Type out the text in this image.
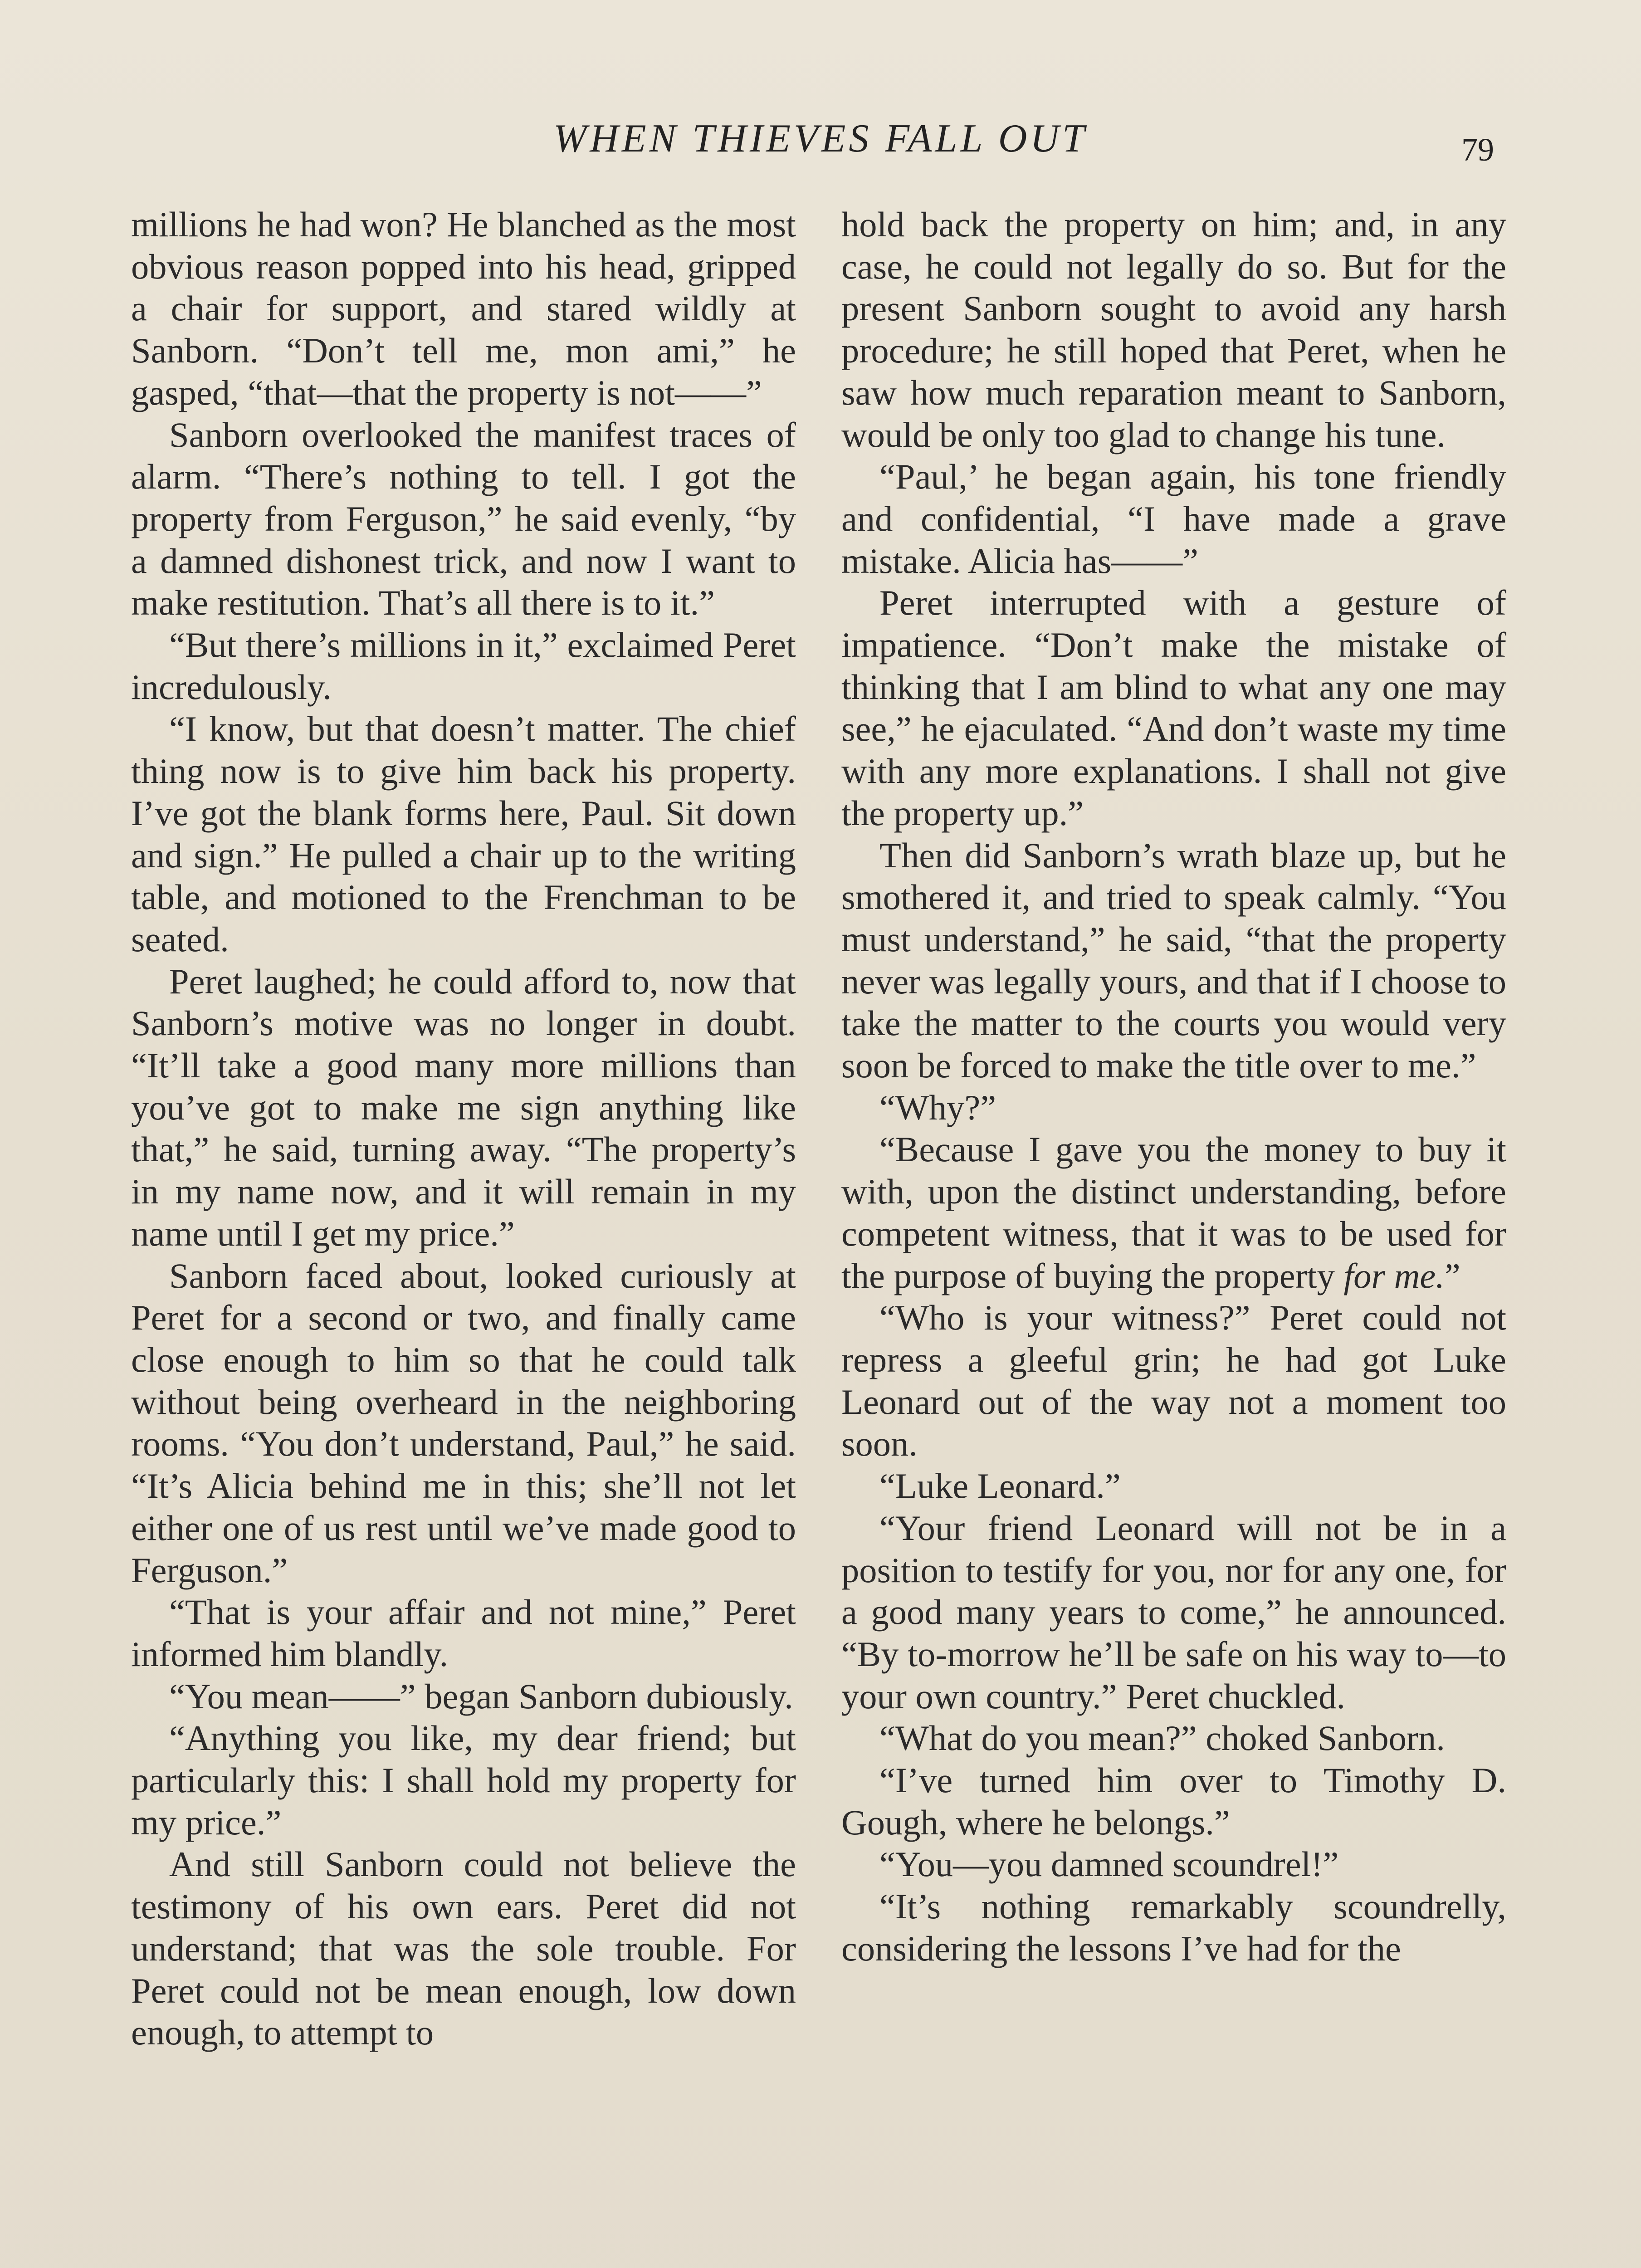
WHEN THIEVES FALL OUT	79

millions he had won? He blanched as the most obvious reason popped into his head, gripped a chair for support, and stared wildly at Sanborn. “Don’t tell me, mon ami,” he gasped, “that—that the property is not——”

Sanborn overlooked the manifest traces of alarm. “There’s nothing to tell. I got the property from Ferguson,” he said evenly, “by a damned dishonest trick, and now I want to make restitution. That’s all there is to it.”

“But there’s millions in it,” exclaimed Peret incredulously.

“I know, but that doesn’t matter. The chief thing now is to give him back his property. I’ve got the blank forms here, Paul. Sit down and sign.” He pulled a chair up to the writing table, and motioned to the Frenchman to be seated.

Peret laughed; he could afford to, now that Sanborn’s motive was no longer in doubt. “It’ll take a good many more millions than you’ve got to make me sign anything like that,” he said, turning away. “The property’s in my name now, and it will remain in my name until I get my price.”

Sanborn faced about, looked curiously at Peret for a second or two, and finally came close enough to him so that he could talk without being overheard in the neighboring rooms. “You don’t understand, Paul,” he said. “It’s Alicia behind me in this; she’ll not let either one of us rest until we’ve made good to Ferguson.”

“That is your affair and not mine,” Peret informed him blandly.

“You mean——” began Sanborn dubiously.

“Anything you like, my dear friend; but particularly this: I shall hold my property for my price.”

And still Sanborn could not believe the testimony of his own ears. Peret did not understand; that was the sole trouble. For Peret could not be mean enough, low down enough, to attempt to

hold back the property on him; and, in any case, he could not legally do so. But for the present Sanborn sought to avoid any harsh procedure; he still hoped that Peret, when he saw how much reparation meant to Sanborn, would be only too glad to change his tune.

“Paul,’ he began again, his tone friendly and confidential, “I have made a grave mistake. Alicia has——”

Peret interrupted with a gesture of impatience. “Don’t make the mistake of thinking that I am blind to what any one may see,” he ejaculated. “And don’t waste my time with any more explanations. I shall not give the property up.”

Then did Sanborn’s wrath blaze up, but he smothered it, and tried to speak calmly. “You must understand,” he said, “that the property never was legally yours, and that if I choose to take the matter to the courts you would very soon be forced to make the title over to me.”

“Why?”

“Because I gave you the money to buy it with, upon the distinct understanding, before competent witness, that it was to be used for the purpose of buying the property for me.”

“Who is your witness?” Peret could not repress a gleeful grin; he had got Luke Leonard out of the way not a moment too soon.

“Luke Leonard.”

“Your friend Leonard will not be in a position to testify for you, nor for any one, for a good many years to come,” he announced. “By to-morrow he’ll be safe on his way to—to your own country.” Peret chuckled.

“What do you mean?” choked Sanborn.

“I’ve turned him over to Timothy D. Gough, where he belongs.”

“You—you damned scoundrel!”

“It’s nothing remarkably scoundrelly, considering the lessons I’ve had for the
